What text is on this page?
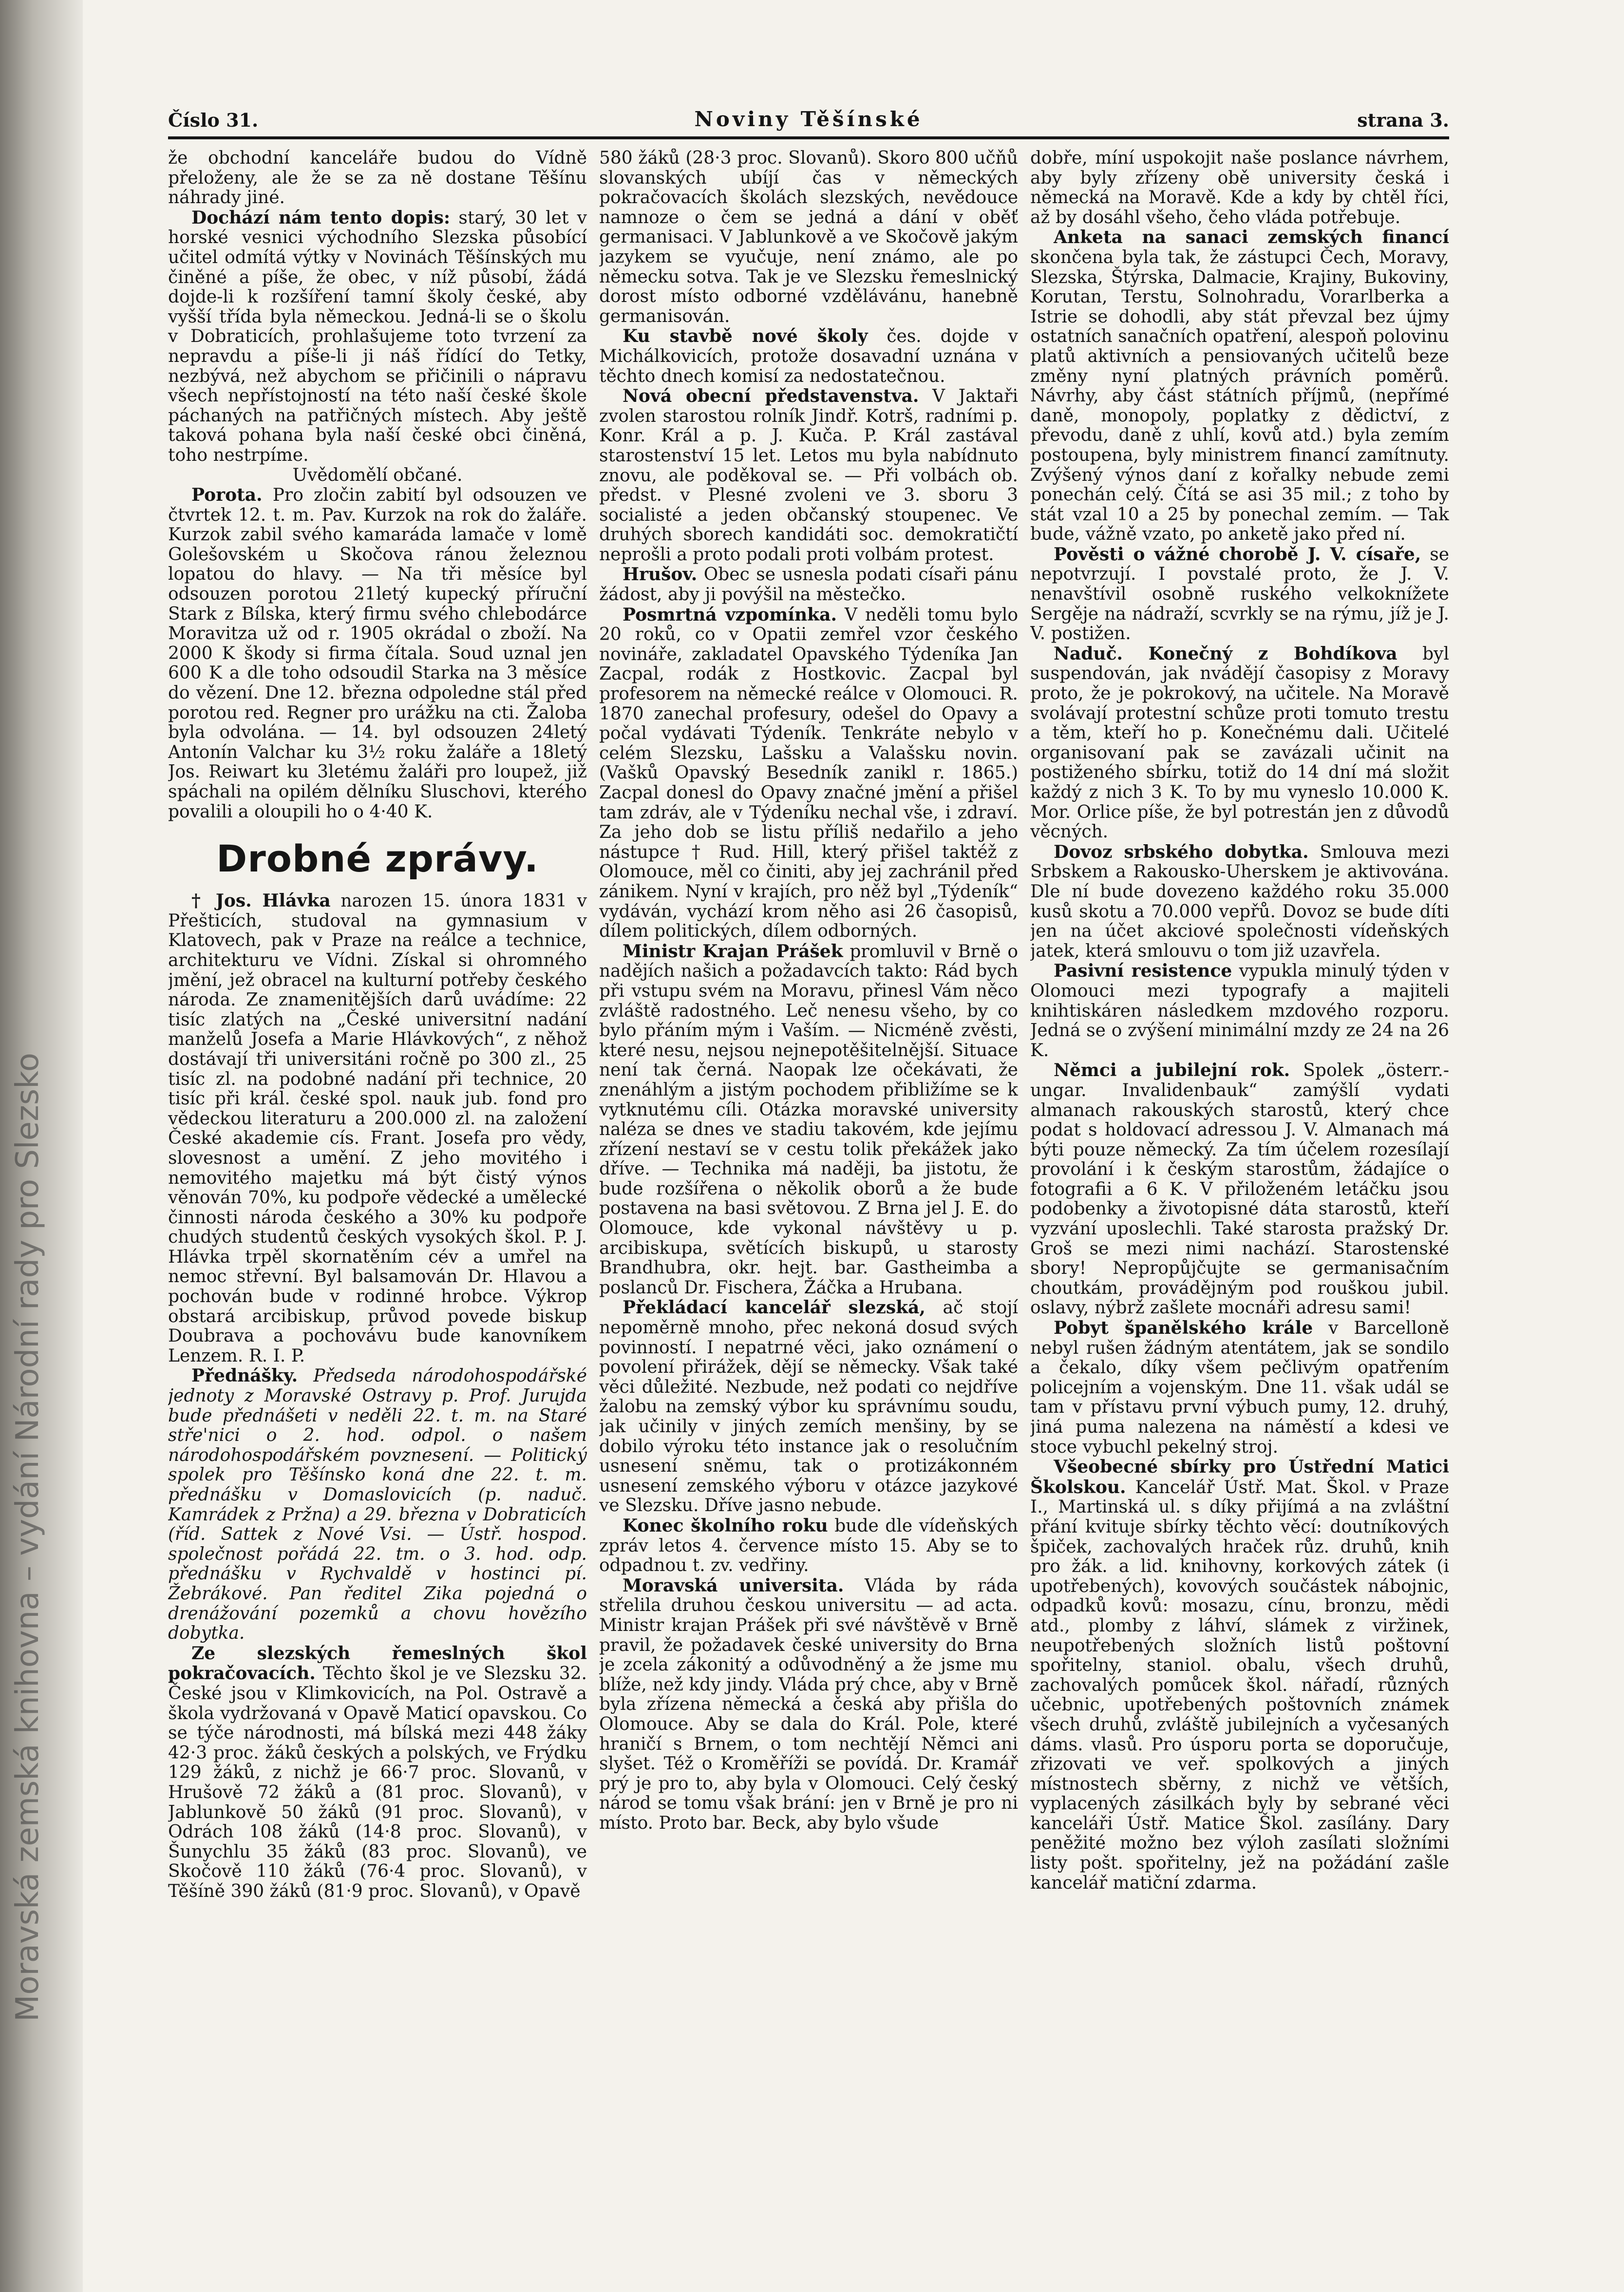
Moravská zemská knihovna – vydání Národní rady pro Slezsko
Číslo 31.	Noviny Těšínské	strana 3.

že obchodní kanceláře budou do Vídně přeloženy, ale že se za ně dostane Těšínu náhrady jiné.

Dochází nám tento dopis: starý, 30 let v horské vesnici východního Slezska působící učitel odmítá výtky v Novinách Těšínských mu činěné a píše, že obec, v níž působí, žádá dojde-li k rozšíření tamní školy české, aby vyšší třída byla německou. Jedná-li se o školu v Dobraticích, prohlašujeme toto tvrzení za nepravdu a píše-li ji náš řídící do Tetky, nezbývá, než abychom se přičinili o nápravu všech nepřístojností na této naší české škole páchaných na patřičných místech. Aby ještě taková pohana byla naší české obci činěná, toho nestrpíme.

Uvědomělí občané.

Porota. Pro zločin zabití byl odsouzen ve čtvrtek 12. t. m. Pav. Kurzok na rok do žaláře. Kurzok zabil svého kamaráda lamače v lomě Golešovském u Skočova ránou železnou lopatou do hlavy. — Na tři měsíce byl odsouzen porotou 21letý kupecký příruční Stark z Bílska, který firmu svého chlebodárce Moravitza už od r. 1905 okrádal o zboží. Na 2000 K škody si firma čítala. Soud uznal jen 600 K a dle toho odsoudil Starka na 3 měsíce do vězení. Dne 12. března odpoledne stál před porotou red. Regner pro urážku na cti. Žaloba byla odvolána. — 14. byl odsouzen 24letý Antonín Valchar ku 3½ roku žaláře a 18letý Jos. Reiwart ku 3letému žaláři pro loupež, již spáchali na opilém dělníku Sluschovi, kterého povalili a oloupili ho o 4·40 K.

Drobné zprávy.

† Jos. Hlávka narozen 15. února 1831 v Přešticích, studoval na gymnasium v Klatovech, pak v Praze na reálce a technice, architekturu ve Vídni. Získal si ohromného jmění, jež obracel na kulturní potřeby českého národa. Ze znamenitějších darů uvádíme: 22 tisíc zlatých na „České universitní nadání manželů Josefa a Marie Hlávkových“, z něhož dostávají tři universitáni ročně po 300 zl., 25 tisíc zl. na podobné nadání při technice, 20 tisíc při král. české spol. nauk jub. fond pro vědeckou literaturu a 200.000 zl. na založení České akademie cís. Frant. Josefa pro vědy, slovesnost a umění. Z jeho movitého i nemovitého majetku má být čistý výnos věnován 70%, ku podpoře vědecké a umělecké činnosti národa českého a 30% ku podpoře chudých studentů českých vysokých škol. P. J. Hlávka trpěl skornatěním cév a umřel na nemoc střevní. Byl balsamován Dr. Hlavou a pochován bude v rodinné hrobce. Výkrop obstará arcibiskup, průvod povede biskup Doubrava a pochovávu bude kanovníkem Lenzem. R. I. P.

Přednášky. Předseda národohospodářské jednoty z Moravské Ostravy p. Prof. Jurujda bude přednášeti v neděli 22. t. m. na Staré stře'nici o 2. hod. odpol. o našem národohospodářském povznesení. — Politický spolek pro Těšínsko koná dne 22. t. m. přednášku v Domaslovicích (p. naduč. Kamrádek z Pržna) a 29. března v Dobraticích (říd. Sattek z Nové Vsi. — Ústř. hospod. společnost pořádá 22. tm. o 3. hod. odp. přednášku v Rychvaldě v hostinci pí. Žebrákové. Pan ředitel Zika pojedná o drenážování pozemků a chovu hovězího dobytka.

Ze slezských řemeslných škol pokračovacích. Těchto škol je ve Slezsku 32. České jsou v Klimkovicích, na Pol. Ostravě a škola vydržovaná v Opavě Maticí opavskou. Co se týče národnosti, má bílská mezi 448 žáky 42·3 proc. žáků českých a polských, ve Frýdku 129 žáků, z nichž je 66·7 proc. Slovanů, v Hrušově 72 žáků a (81 proc. Slovanů), v Jablunkově 50 žáků (91 proc. Slovanů), v Odrách 108 žáků (14·8 proc. Slovanů), v Šunychlu 35 žáků (83 proc. Slovanů), ve Skočově 110 žáků (76·4 proc. Slovanů), v Těšíně 390 žáků (81·9 proc. Slovanů), v Opavě

580 žáků (28·3 proc. Slovanů). Skoro 800 učňů slovanských ubíjí čas v německých pokračovacích školách slezských, nevědouce namnoze o čem se jedná a dání v oběť germanisaci. V Jablunkově a ve Skočově jakým jazykem se vyučuje, není známo, ale po německu sotva. Tak je ve Slezsku řemeslnický dorost místo odborné vzdělávánu, hanebně germanisován.

Ku stavbě nové školy čes. dojde v Michálkovicích, protože dosavadní uznána v těchto dnech komisí za nedostatečnou.

Nová obecní představenstva. V Jaktaři zvolen starostou rolník Jindř. Kotrš, radními p. Konr. Král a p. J. Kuča. P. Král zastával starostenství 15 let. Letos mu byla nabídnuto znovu, ale poděkoval se. — Při volbách ob. předst. v Plesné zvoleni ve 3. sboru 3 socialisté a jeden občanský stoupenec. Ve druhých sborech kandidáti soc. demokratičtí neprošli a proto podali proti volbám protest.

Hrušov. Obec se usnesla podati císaři pánu žádost, aby ji povýšil na městečko.

Posmrtná vzpomínka. V neděli tomu bylo 20 roků, co v Opatii zemřel vzor českého novináře, zakladatel Opavského Týdeníka Jan Zacpal, rodák z Hostkovic. Zacpal byl profesorem na německé reálce v Olomouci. R. 1870 zanechal profesury, odešel do Opavy a počal vydávati Týdeník. Tenkráte nebylo v celém Slezsku, Lašsku a Valašsku novin. (Vašků Opavský Besedník zanikl r. 1865.) Zacpal donesl do Opavy značné jmění a přišel tam zdráv, ale v Týdeníku nechal vše, i zdraví. Za jeho dob se listu příliš nedařilo a jeho nástupce † Rud. Hill, který přišel taktéž z Olomouce, měl co činiti, aby jej zachránil před zánikem. Nyní v krajích, pro něž byl „Týdeník“ vydáván, vychází krom něho asi 26 časopisů, dílem politických, dílem odborných.

Ministr Krajan Prášek promluvil v Brně o nadějích našich a požadavcích takto: Rád bych při vstupu svém na Moravu, přinesl Vám něco zvláště radostného. Leč nenesu všeho, by co bylo přáním mým i Vaším. — Nicméně zvěsti, které nesu, nejsou nejnepotěšitelnější. Situace není tak černá. Naopak lze očekávati, že znenáhlým a jistým pochodem přibližíme se k vytknutému cíli. Otázka moravské university naléza se dnes ve stadiu takovém, kde jejímu zřízení nestaví se v cestu tolik překážek jako dříve. — Technika má naději, ba jistotu, že bude rozšířena o několik oborů a že bude postavena na basi světovou. Z Brna jel J. E. do Olomouce, kde vykonal návštěvy u p. arcibiskupa, světících biskupů, u starosty Brandhubra, okr. hejt. bar. Gastheimba a poslanců Dr. Fischera, Žáčka a Hrubana.

Překládací kancelář slezská, ač stojí nepoměrně mnoho, přec nekoná dosud svých povinností. I nepatrné věci, jako oznámení o povolení přirážek, dějí se německy. Však také věci důležité. Nezbude, než podati co nejdříve žalobu na zemský výbor ku správnímu soudu, jak učinily v jiných zemích menšiny, by se dobilo výroku této instance jak o resolučním usnesení sněmu, tak o protizákonném usnesení zemského výboru v otázce jazykové ve Slezsku. Dříve jasno nebude.

Konec školního roku bude dle vídeňských zpráv letos 4. července místo 15. Aby se to odpadnou t. zv. vedřiny.

Moravská universita. Vláda by ráda střelila druhou českou universitu — ad acta. Ministr krajan Prášek při své návštěvě v Brně pravil, že požadavek české university do Brna je zcela zákonitý a odůvodněný a že jsme mu blíže, než kdy jindy. Vláda prý chce, aby v Brně byla zřízena německá a česká aby přišla do Olomouce. Aby se dala do Král. Pole, které hraničí s Brnem, o tom nechtějí Němci ani slyšet. Též o Kroměříži se povídá. Dr. Kramář prý je pro to, aby byla v Olomouci. Celý český národ se tomu však brání: jen v Brně je pro ni místo. Proto bar. Beck, aby bylo všude

dobře, míní uspokojit naše poslance návrhem, aby byly zřízeny obě university česká i německá na Moravě. Kde a kdy by chtěl říci, až by dosáhl všeho, čeho vláda potřebuje.

Anketa na sanaci zemských financí skončena byla tak, že zástupci Čech, Moravy, Slezska, Štýrska, Dalmacie, Krajiny, Bukoviny, Korutan, Terstu, Solnohradu, Vorarlberka a Istrie se dohodli, aby stát převzal bez újmy ostatních sanačních opatření, alespoň polovinu platů aktivních a pensiovaných učitelů beze změny nyní platných právních poměrů. Návrhy, aby část státních příjmů, (nepřímé daně, monopoly, poplatky z dědictví, z převodu, daně z uhlí, kovů atd.) byla zemím postoupena, byly ministrem financí zamítnuty. Zvýšený výnos daní z kořalky nebude zemi ponechán celý. Čítá se asi 35 mil.; z toho by stát vzal 10 a 25 by ponechal zemím. — Tak bude, vážně vzato, po anketě jako před ní.

Pověsti o vážné chorobě J. V. císaře, se nepotvrzují. I povstalé proto, že J. V. nenavštívil osobně ruského velkoknížete Sergěje na nádraží, scvrkly se na rýmu, jíž je J. V. postižen.

Naduč. Konečný z Bohdíkova byl suspendován, jak nvádějí časopisy z Moravy proto, že je pokrokový, na učitele. Na Moravě svolávají protestní schůze proti tomuto trestu a těm, kteří ho p. Konečnému dali. Učitelé organisovaní pak se zavázali učinit na postiženého sbírku, totiž do 14 dní má složit každý z nich 3 K. To by mu vyneslo 10.000 K. Mor. Orlice píše, že byl potrestán jen z důvodů věcných.

Dovoz srbského dobytka. Smlouva mezi Srbskem a Rakousko-Uherskem je aktivována. Dle ní bude dovezeno každého roku 35.000 kusů skotu a 70.000 vepřů. Dovoz se bude díti jen na účet akciové společnosti vídeňských jatek, která smlouvu o tom již uzavřela.

Pasivní resistence vypukla minulý týden v Olomouci mezi typografy a majiteli knihtiskáren následkem mzdového rozporu. Jedná se o zvýšení minimální mzdy ze 24 na 26 K.

Němci a jubilejní rok. Spolek „österr.-ungar. Invalidenbauk“ zamýšlí vydati almanach rakouských starostů, který chce podat s holdovací adressou J. V. Almanach má býti pouze německý. Za tím účelem rozesílají provolání i k českým starostům, žádajíce o fotografii a 6 K. V přiloženém letáčku jsou podobenky a životopisné dáta starostů, kteří vyzvání uposlechli. Také starosta pražský Dr. Groš se mezi nimi nachází. Starostenské sbory! Nepropůjčujte se germanisačním choutkám, provádějným pod rouškou jubil. oslavy, nýbrž zašlete mocnáři adresu sami!

Pobyt španělského krále v Barcelloně nebyl rušen žádným atentátem, jak se sondilo a čekalo, díky všem pečlivým opatřením policejním a vojenským. Dne 11. však udál se tam v přístavu první výbuch pumy, 12. druhý, jiná puma nalezena na náměstí a kdesi ve stoce vybuchl pekelný stroj.

Všeobecné sbírky pro Ústřední Matici Školskou. Kancelář Ústř. Mat. Škol. v Praze I., Martinská ul. s díky přijímá a na zvláštní přání kvituje sbírky těchto věcí: doutníkových špiček, zachovalých hraček růz. druhů, knih pro žák. a lid. knihovny, korkových zátek (i upotřebených), kovových součástek nábojnic, odpadků kovů: mosazu, cínu, bronzu, mědi atd., plomby z láhví, slámek z viržinek, neupotřebených složních listů poštovní spořitelny, staniol. obalu, všech druhů, zachovalých pomůcek škol. nářadí, různých učebnic, upotřebených poštovních známek všech druhů, zvláště jubilejních a vyčesaných dáms. vlasů. Pro úsporu porta se doporučuje, zřizovati ve veř. spolkových a jiných místnostech sběrny, z nichž ve větších, vyplacených zásilkách byly by sebrané věci kanceláři Ústř. Matice Škol. zasílány. Dary peněžité možno bez výloh zasílati složními listy pošt. spořitelny, jež na požádání zašle kancelář matiční zdarma.
